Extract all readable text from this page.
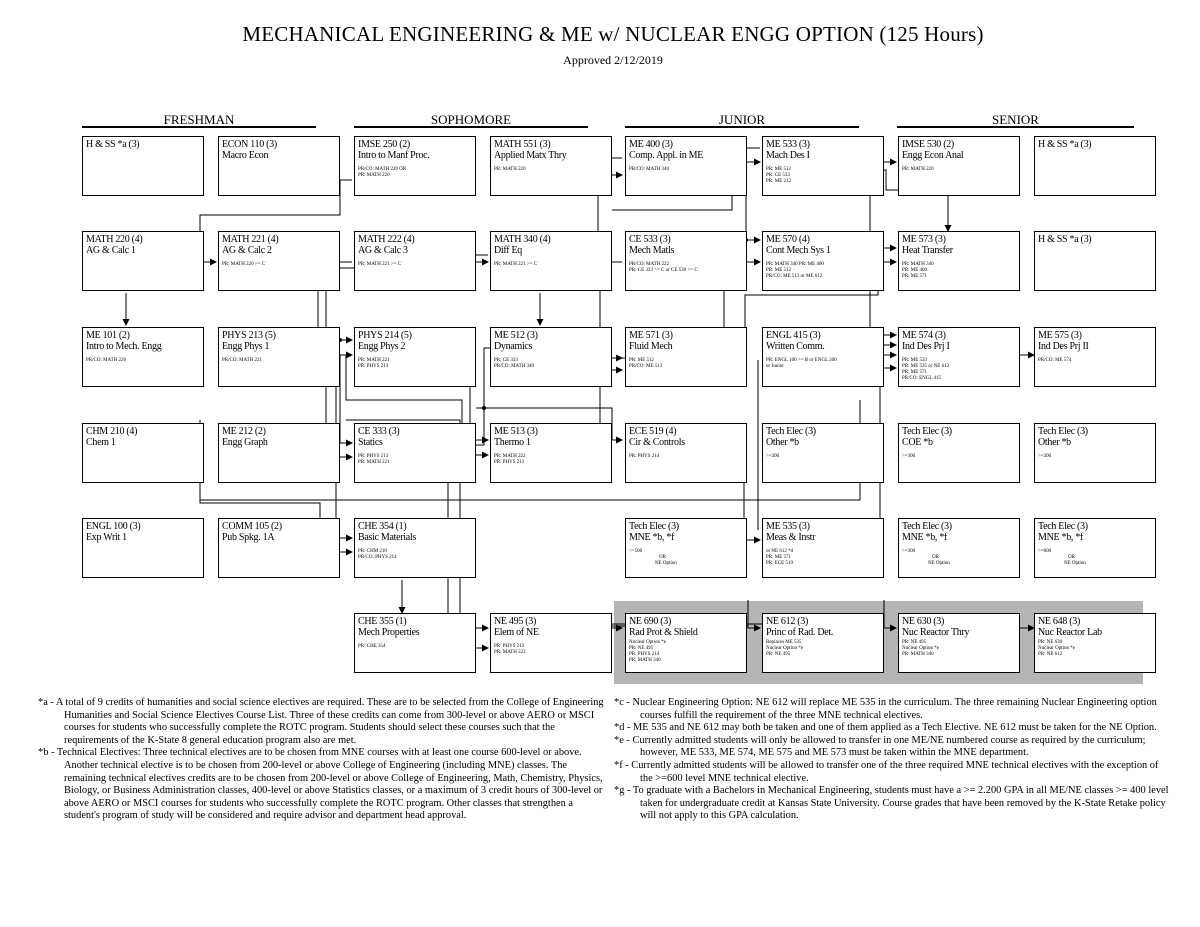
MECHANICAL ENGINEERING & ME w/ NUCLEAR ENGG OPTION (125 Hours)
Approved 2/12/2019
FRESHMAN	SOPHOMORE	JUNIOR	SENIOR
H & SS *a (3)	ECON 110 (3)
Macro Econ
IMSE 250 (2)
Intro to Manf Proc.
PR/CO: MATH 220 OR
PR: MATH 220
MATH 551 (3)
Applied Matx Thry
PR: MATH 220
ME 400 (3)
Comp. Appl. in ME
PR/CO: MATH 340
ME 533 (3)
Mach Des I
PR: ME 512
PR: CE 533
PR: ME 212
IMSE 530 (2)
Engg Econ Anal
PR: MATH 220
H & SS *a (3)
MATH 220 (4)
AG & Calc 1
MATH 221 (4)
AG & Calc 2
PR: MATH 220 >= C
MATH 222 (4)
AG & Calc 3
PR: MATH 221 >= C
MATH 340 (4)
Diff Eq
PR: MATH 221 >= C
CE 533 (3)
Mech Matls
PR/CO: MATH 222
PR: CE 333 >= C or CE 530 >= C
ME 570 (4)
Cont Mech Sys 1
PR: MATH 340 PR: ME 400
PR: ME 512
PR/CO: ME 513 or ME 612
ME 573 (3)
Heat Transfer
PR: MATH 340
PR: ME 400
PR: ME 571
H & SS *a (3)
ME 101 (2)
Intro to Mech. Engg
PR/CO: MATH 220
PHYS 213 (5)
Engg Phys 1
PR/CO: MATH 221
PHYS 214 (5)
Engg Phys 2
PR: MATH 221
PR: PHYS 213
ME 512 (3)
Dynamics
PR: CE 333
PR/CO: MATH 340
ME 571 (3)
Fluid Mech
PR: ME 512
PR/CO: ME 513
ENGL 415 (3)
Written Comm.
PR: ENGL 100 >= B or ENGL 200
or Junior
ME 574 (3)
Ind Des Prj I
PR: ME 533
PR: ME 535 or NE 612
PR: ME 571
PR/CO: ENGL 415
ME 575 (3)
Ind Des Prj II
PR/CO: ME 574
CHM 210 (4)
Chem 1
ME 212 (2)
Engg Graph
CE 333 (3)
Statics
PR: PHYS 213
PR: MATH 221
ME 513 (3)
Thermo 1
PR: MATH 222
PR: PHYS 213
ECE 519 (4)
Cir & Controls
PR: PHYS 214
Tech Elec (3)
Other *b
>=200
Tech Elec (3)
COE *b
>=300
Tech Elec (3)
Other *b
>=200
ENGL 100 (3)
Exp Writ 1
COMM 105 (2)
Pub Spkg. 1A
CHE 354 (1)
Basic Materials
PR: CHM 210
PR/CO: PHYS 214
Tech Elec (3)
MNE *b, *f
>=500
OR
NE Option
ME 535 (3)
Meas & Instr
or NE 612 *d
PR: ME 571
PR: ECE 519
Tech Elec (3)
MNE *b, *f
>=300
OR
NE Option
Tech Elec (3)
MNE *b, *f
>=600
OR
NE Option
CHE 355 (1)
Mech Properties
PR: CHE 354
NE 495 (3)
Elem of NE
PR: PHYS 213
PR: MATH 222
NE 690 (3)
Rad Prot & Shield
Nuclear Option *e
PR: NE 495
PR: PHYS 214
PR: MATH 340
NE 612 (3)
Princ of Rad. Det.
Replaces ME 535
Nuclear Option *e
PR: NE 495
NE 630 (3)
Nuc Reactor Thry
PR: NE 495
Nuclear Option *e
PR: MATH 340
NE 648 (3)
Nuc Reactor Lab
PR: NE 630
Nuclear Option *e
PR: NE 612

*a - A total of 9 credits of humanities and social science electives are required. These are to be selected from the College of Engineering Humanities and Social Science Electives Course List. Three of these credits can come from 300-level or above AERO or MSCI courses for students who successfully complete the ROTC program. Students should select these courses such that the requirements of the K-State 8 general education program also are met.

*b - Technical Electives: Three technical electives are to be chosen from MNE courses with at least one course 600-level or above. Another technical elective is to be chosen from 200-level or above College of Engineering (including MNE) classes. The remaining technical electives credits are to be chosen from 200-level or above College of Engineering, Math, Chemistry, Physics, Biology, or Business Administration classes, 400-level or above Statistics classes, or a maximum of 3 credit hours of 300-level or above AERO or MSCI courses for students who successfully complete the ROTC program. Other classes that strengthen a student's program of study will be considered and require advisor and department head approval.

*c - Nuclear Engineering Option: NE 612 will replace ME 535 in the curriculum. The three remaining Nuclear Engineering option courses fulfill the requirement of the three MNE technical electives.

*d - ME 535 and NE 612 may both be taken and one of them applied as a Tech Elective. NE 612 must be taken for the NE Option.

*e - Currently admitted students will only be allowed to transfer in one ME/NE numbered course as required by the curriculum; however, ME 533, ME 574, ME 575 and ME 573 must be taken within the MNE department.

*f - Currently admitted students will be allowed to transfer one of the three required MNE technical electives with the exception of the >=600 level MNE technical elective.

*g - To graduate with a Bachelors in Mechanical Engineering, students must have a >= 2.200 GPA in all ME/NE classes >= 400 level taken for undergraduate credit at Kansas State University. Course grades that have been removed by the K-State Retake policy will not apply to this GPA calculation.
